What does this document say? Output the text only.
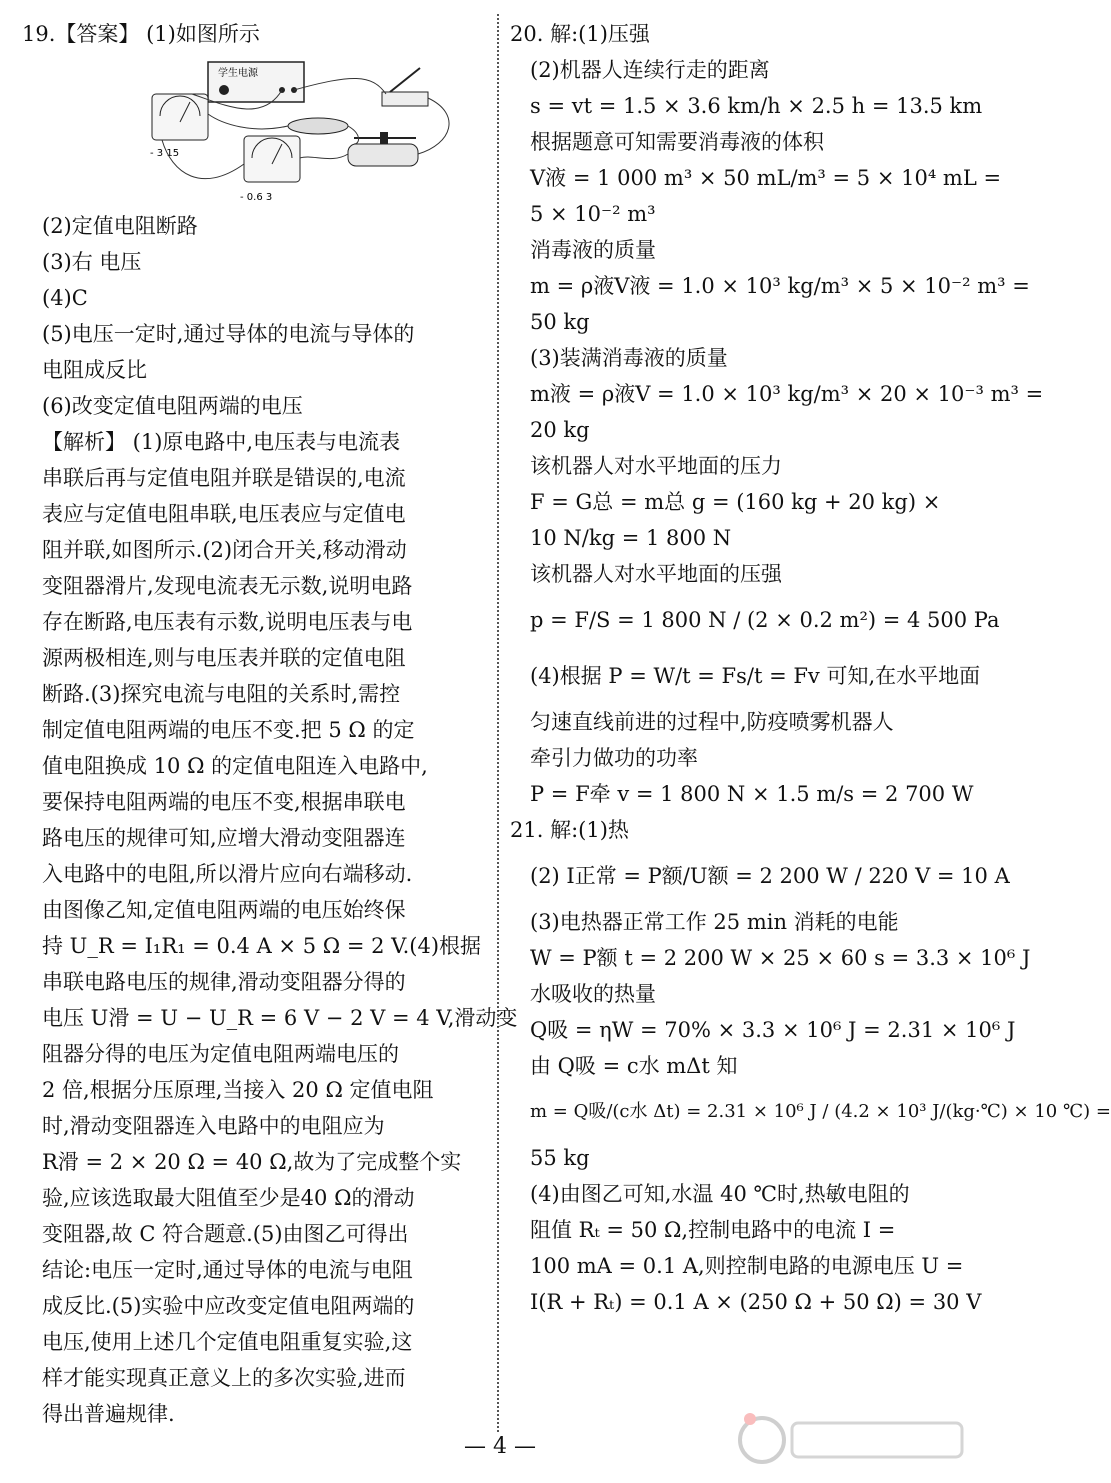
19.【答案】 (1)如图所示
学生电源
- 3 15
- 0.6 3
(2)定值电阻断路
(3)右 电压
(4)C
(5)电压一定时,通过导体的电流与导体的
电阻成反比
(6)改变定值电阻两端的电压
【解析】 (1)原电路中,电压表与电流表
串联后再与定值电阻并联是错误的,电流
表应与定值电阻串联,电压表应与定值电
阻并联,如图所示.(2)闭合开关,移动滑动
变阻器滑片,发现电流表无示数,说明电路
存在断路,电压表有示数,说明电压表与电
源两极相连,则与电压表并联的定值电阻
断路.(3)探究电流与电阻的关系时,需控
制定值电阻两端的电压不变.把 5 Ω 的定
值电阻换成 10 Ω 的定值电阻连入电路中,
要保持电阻两端的电压不变,根据串联电
路电压的规律可知,应增大滑动变阻器连
入电路中的电阻,所以滑片应向右端移动.
由图像乙知,定值电阻两端的电压始终保
持 U_R = I₁R₁ = 0.4 A × 5 Ω = 2 V.(4)根据
串联电路电压的规律,滑动变阻器分得的
电压 U滑 = U − U_R = 6 V − 2 V = 4 V,滑动变
阻器分得的电压为定值电阻两端电压的
2 倍,根据分压原理,当接入 20 Ω 定值电阻
时,滑动变阻器连入电路中的电阻应为
R滑 = 2 × 20 Ω = 40 Ω,故为了完成整个实
验,应该选取最大阻值至少是40 Ω的滑动
变阻器,故 C 符合题意.(5)由图乙可得出
结论:电压一定时,通过导体的电流与电阻
成反比.(5)实验中应改变定值电阻两端的
电压,使用上述几个定值电阻重复实验,这
样才能实现真正意义上的多次实验,进而
得出普遍规律.
20. 解:(1)压强
(2)机器人连续行走的距离
s = vt = 1.5 × 3.6 km/h × 2.5 h = 13.5 km
根据题意可知需要消毒液的体积
V液 = 1 000 m³ × 50 mL/m³ = 5 × 10⁴ mL =
5 × 10⁻² m³
消毒液的质量
m = ρ液V液 = 1.0 × 10³ kg/m³ × 5 × 10⁻² m³ =
50 kg
(3)装满消毒液的质量
m液 = ρ液V = 1.0 × 10³ kg/m³ × 20 × 10⁻³ m³ =
20 kg
该机器人对水平地面的压力
F = G总 = m总 g = (160 kg + 20 kg) ×
10 N/kg = 1 800 N
该机器人对水平地面的压强
p = F/S = 1 800 N / (2 × 0.2 m²) = 4 500 Pa
(4)根据 P = W/t = Fs/t = Fv 可知,在水平地面
匀速直线前进的过程中,防疫喷雾机器人
牵引力做功的功率
P = F牵 v = 1 800 N × 1.5 m/s = 2 700 W
21. 解:(1)热
(2) I正常 = P额/U额 = 2 200 W / 220 V = 10 A
(3)电热器正常工作 25 min 消耗的电能
W = P额 t = 2 200 W × 25 × 60 s = 3.3 × 10⁶ J
水吸收的热量
Q吸 = ηW = 70% × 3.3 × 10⁶ J = 2.31 × 10⁶ J
由 Q吸 = c水 mΔt 知
m = Q吸/(c水 Δt) = 2.31 × 10⁶ J / (4.2 × 10³ J/(kg·℃) × 10 ℃) =
55 kg
(4)由图乙可知,水温 40 ℃时,热敏电阻的
阻值 Rₜ = 50 Ω,控制电路中的电流 I =
100 mA = 0.1 A,则控制电路的电源电压 U =
I(R + Rₜ) = 0.1 A × (250 Ω + 50 Ω) = 30 V
— 4 —
